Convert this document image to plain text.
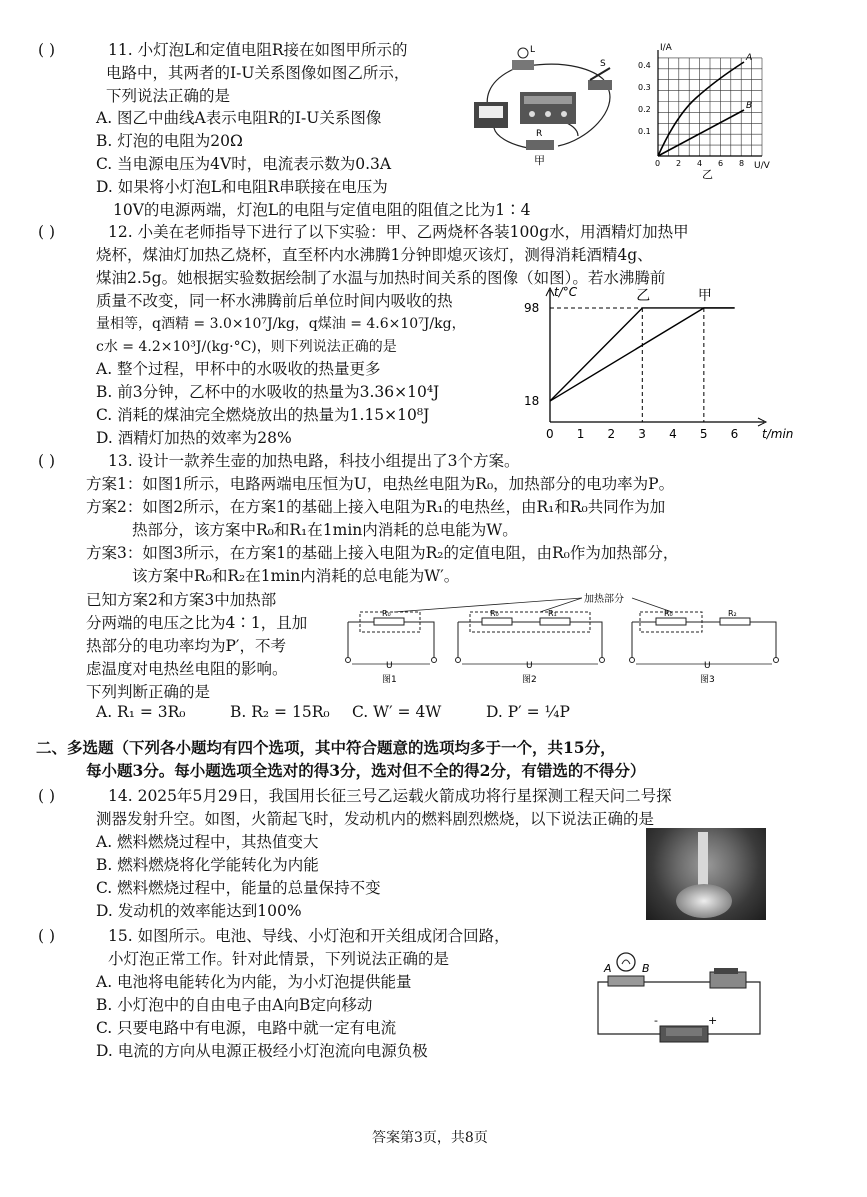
( )	11. 小灯泡L和定值电阻R接在如图甲所示的
电路中，其两者的I-U关系图像如图乙所示，
下列说法正确的是
A. 图乙中曲线A表示电阻R的I-U关系图像
B. 灯泡的电阻为20Ω
C. 当电源电压为4V时，电流表示数为0.3A
D. 如果将小灯泡L和电阻R串联接在电压为
10V的电源两端，灯泡L的电阻与定值电阻的阻值之比为1∶4
L
S
R
甲
I/A
U/V
0.4
0.3
0.2
0.1
0 2 4 6 8
A
B
乙
( )	12. 小美在老师指导下进行了以下实验：甲、乙两烧杯各装100g水，用酒精灯加热甲
烧杯，煤油灯加热乙烧杯，直至杯内水沸腾1分钟即熄灭该灯，测得消耗酒精4g、
煤油2.5g。她根据实验数据绘制了水温与加热时间关系的图像（如图）。若水沸腾前
质量不改变，同一杯水沸腾前后单位时间内吸收的热
量相等，q酒精 = 3.0×10⁷J/kg，q煤油 = 4.6×10⁷J/kg，
c水 = 4.2×10³J/(kg·°C)，则下列说法正确的是
A. 整个过程，甲杯中的水吸收的热量更多
B. 前3分钟，乙杯中的水吸收的热量为3.36×10⁴J
C. 消耗的煤油完全燃烧放出的热量为1.15×10⁸J
D. 酒精灯加热的效率为28%
t/°C
t/min
0 1 2 3 4 5 6
18
98
乙	甲
( )	13. 设计一款养生壶的加热电路，科技小组提出了3个方案。
方案1：如图1所示，电路两端电压恒为U，电热丝电阻为R₀，加热部分的电功率为P。
方案2：如图2所示，在方案1的基础上接入电阻为R₁的电热丝，由R₁和R₀共同作为加
热部分，该方案中R₀和R₁在1min内消耗的总电能为W。
方案3：如图3所示，在方案1的基础上接入电阻为R₂的定值电阻，由R₀作为加热部分，
该方案中R₀和R₂在1min内消耗的总电能为W′。
已知方案2和方案3中加热部
分两端的电压之比为4∶1，且加
热部分的电功率均为P′，不考
虑温度对电热丝电阻的影响。
下列判断正确的是
加热部分
R₀
U
图1
R₀	R₁
U
图2
R₀	R₂
U
图3
A. R₁ = 3R₀	B. R₂ = 15R₀ C. W′ = 4W	D. P′ = ¼P
二、多选题（下列各小题均有四个选项，其中符合题意的选项均多于一个，共15分，
每小题3分。每小题选项全选对的得3分，选对但不全的得2分，有错选的不得分）
( )	14. 2025年5月29日，我国用长征三号乙运载火箭成功将行星探测工程天问二号探
测器发射升空。如图，火箭起飞时，发动机内的燃料剧烈燃烧，以下说法正确的是
A. 燃料燃烧过程中，其热值变大
B. 燃料燃烧将化学能转化为内能
C. 燃料燃烧过程中，能量的总量保持不变
D. 发动机的效率能达到100%
( )	15. 如图所示。电池、导线、小灯泡和开关组成闭合回路，
小灯泡正常工作。针对此情景，下列说法正确的是
A. 电池将电能转化为内能，为小灯泡提供能量
B. 小灯泡中的自由电子由A向B定向移动
C. 只要电路中有电源，电路中就一定有电流
D. 电流的方向从电源正极经小灯泡流向电源负极
A	B
-	+
答案第3页，共8页
